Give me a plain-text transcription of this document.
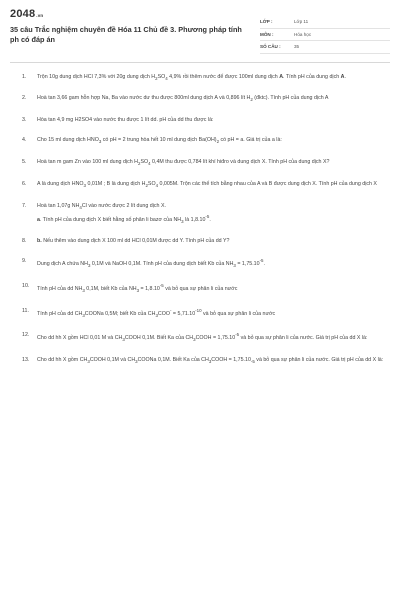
2048.vn
35 câu Trắc nghiệm chuyên đề Hóa 11 Chủ đề 3. Phương pháp tính ph có đáp án
LỚP :	Lớp 11
MÔN :	Hóa học
SỐ CÂU :	35
1.	Trộn 10g dung dịch HCl 7,3% với 20g dung dịch $H_2SO_4$ 4,9% rồi thêm nước để được 100ml dung dịch A. Tính pH của dung dịch A.
2.	Hoà tan 3,66 gam hỗn hợp Na, Ba vào nước dư thu được 800ml dung dịch A và 0,896 lít $H_2$ (đktc). Tính pH của dung dịch A
3.	Hòa tan 4,9 mg H2SO4 vào nước thu được 1 lít dd. pH của dd thu được là:
4.	Cho 15 ml dung dịch $HNO_3$ có pH = 2 trung hòa hết 10 ml dung dịch $Ba(OH)_2$ có pH = a. Giá trị của a là:
5.	Hoà tan m gam Zn vào 100 ml dung dịch $H_2SO_4$ 0,4M thu được 0,784 lít khí hiđro và dung dịch X. Tính pH của dung dịch X?
6.	A là dung dịch $HNO_3$ 0,01M ; B là dung dịch $H_2SO_4$ 0,005M. Trộn các thể tích bằng nhau của A và B được dung dịch X. Tính pH của dung dịch X
7.	Hoà tan 1,07g $NH_4Cl$ vào nước được 2 lít dung dịch X.
a. Tính pH của dung dịch X biết hằng số phân li bazơ của $NH_3$ là $1,8.10^{-5}$.
8.	b. Nếu thêm vào dung dịch X 100 ml dd HCl 0,01M được dd Y. Tính pH của dd Y?
9.	Dung dịch A chứa $NH_3$ 0,1M và NaOH 0,1M. Tính pH của dung dịch biết Kb của $NH_3 = 1,75.10^{-5}$.
10.	Tính pH của dd $NH_3$ 0,1M, biết Kb của $NH_3 = 1,8.10^{-5}$ và bỏ qua sự phân li của nước
11.	Tính pH của dd $CH_3COONa$ 0,5M; biết Kb của $CH_3COO^- = 5,71.10^{-10}$ và bỏ qua sự phân li của nước
12.	Cho dd hh X gồm HCl 0,01 M và $CH_3COOH$ 0,1M. Biết Ka của $CH_3COOH = 1,75.10^{-5}$ và bỏ qua sự phân li của nước. Giá trị pH của dd X là:
13.	Cho dd hh X gồm $CH_3COOH$ 0,1M và $CH_3COONa$ 0,1M. Biết Ka của $CH_3COOH = 1,75.10_{-5}$ và bỏ qua sự phân li của nước. Giá trị pH của dd X là:
